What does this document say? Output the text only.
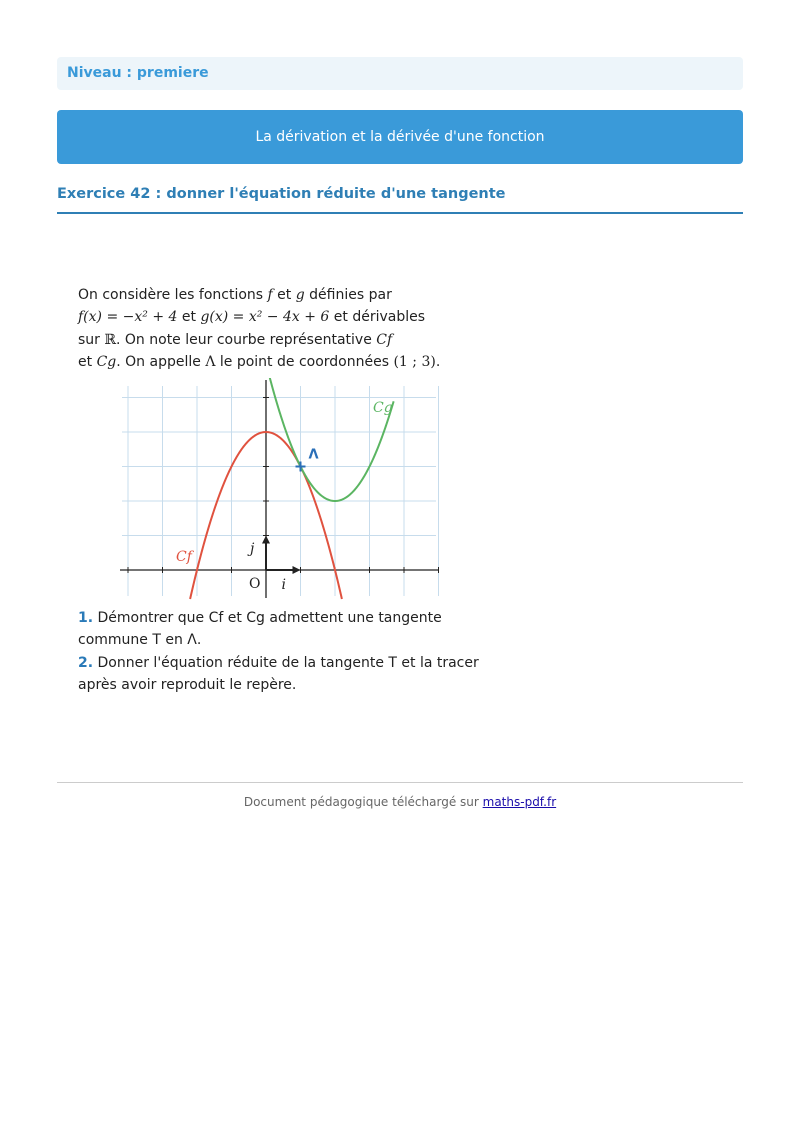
Niveau : premiere
La dérivation et la dérivée d'une fonction
Exercice 42 : donner l'équation réduite d'une tangente

On considère les fonctions f et g définies par
f(x) = −x² + 4 et g(x) = x² − 4x + 6 et dérivables
sur ℝ. On note leur courbe représentative Cf
et Cg. On appelle Λ le point de coordonnées (1 ; 3).

1. Démontrer que Cf et Cg admettent une tangente commune T en Λ.

2. Donner l'équation réduite de la tangente T et la tracer après avoir reproduit le repère.

Cf
Cg
Λ
O i
j
Document pédagogique téléchargé sur maths-pdf.fr
